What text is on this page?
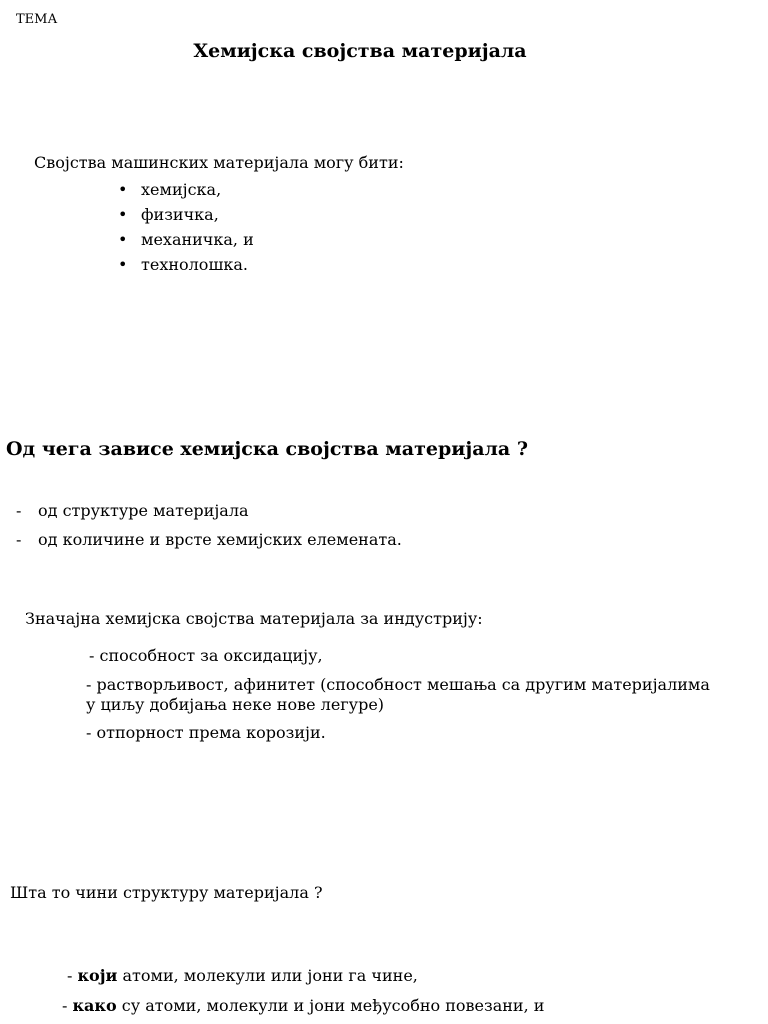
ТЕМА
Хемијска својства материјала
Својства машинских материјала могу бити:
• хемијска,
• физичка,
• механичка, и
• технолошка.
Од чега зависе хемијска својства материјала ?
- од структуре материјала
- од количине и врсте хемијских елемената.
Значајна хемијска својства материјала за индустрију:
- способност за оксидацију,
- растворљивост, афинитет (способност мешања са другим материјалима
у циљу добијања неке нове легуре)
- отпорност према корозији.
Шта то чини структуру материјала ?
- који атоми, молекули или јони га чине,
- како су атоми, молекули и јони међусобно повезани, и
